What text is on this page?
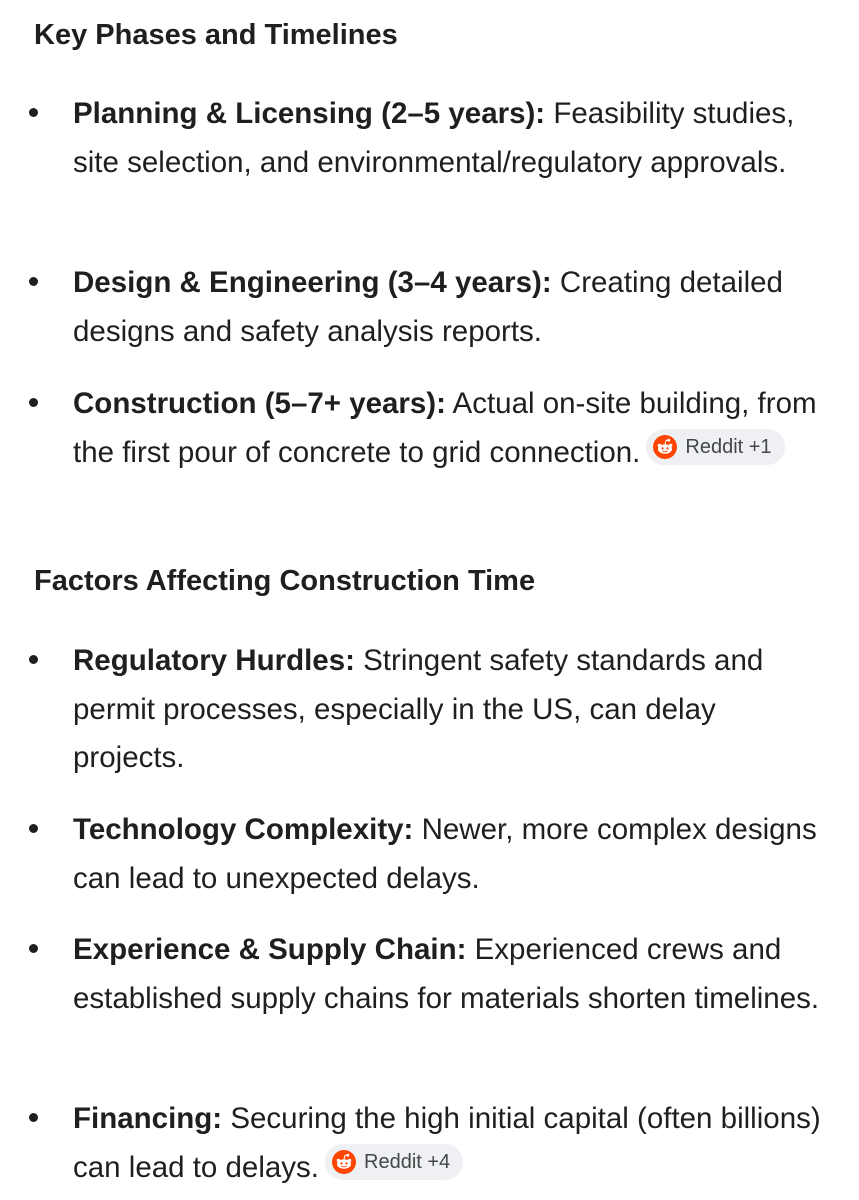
Key Phases and Timelines

Planning & Licensing (2–5 years): Feasibility studies, site selection, and environmental/regulatory approvals.

Design & Engineering (3–4 years): Creating detailed designs and safety analysis reports.

Construction (5–7+ years): Actual on-site building, from the first pour of concrete to grid connection. Reddit +1

Factors Affecting Construction Time

Regulatory Hurdles: Stringent safety standards and permit processes, especially in the US, can delay projects.

Technology Complexity: Newer, more complex designs can lead to unexpected delays.

Experience & Supply Chain: Experienced crews and established supply chains for materials shorten timelines.

Financing: Securing the high initial capital (often billions) can lead to delays. Reddit +4
